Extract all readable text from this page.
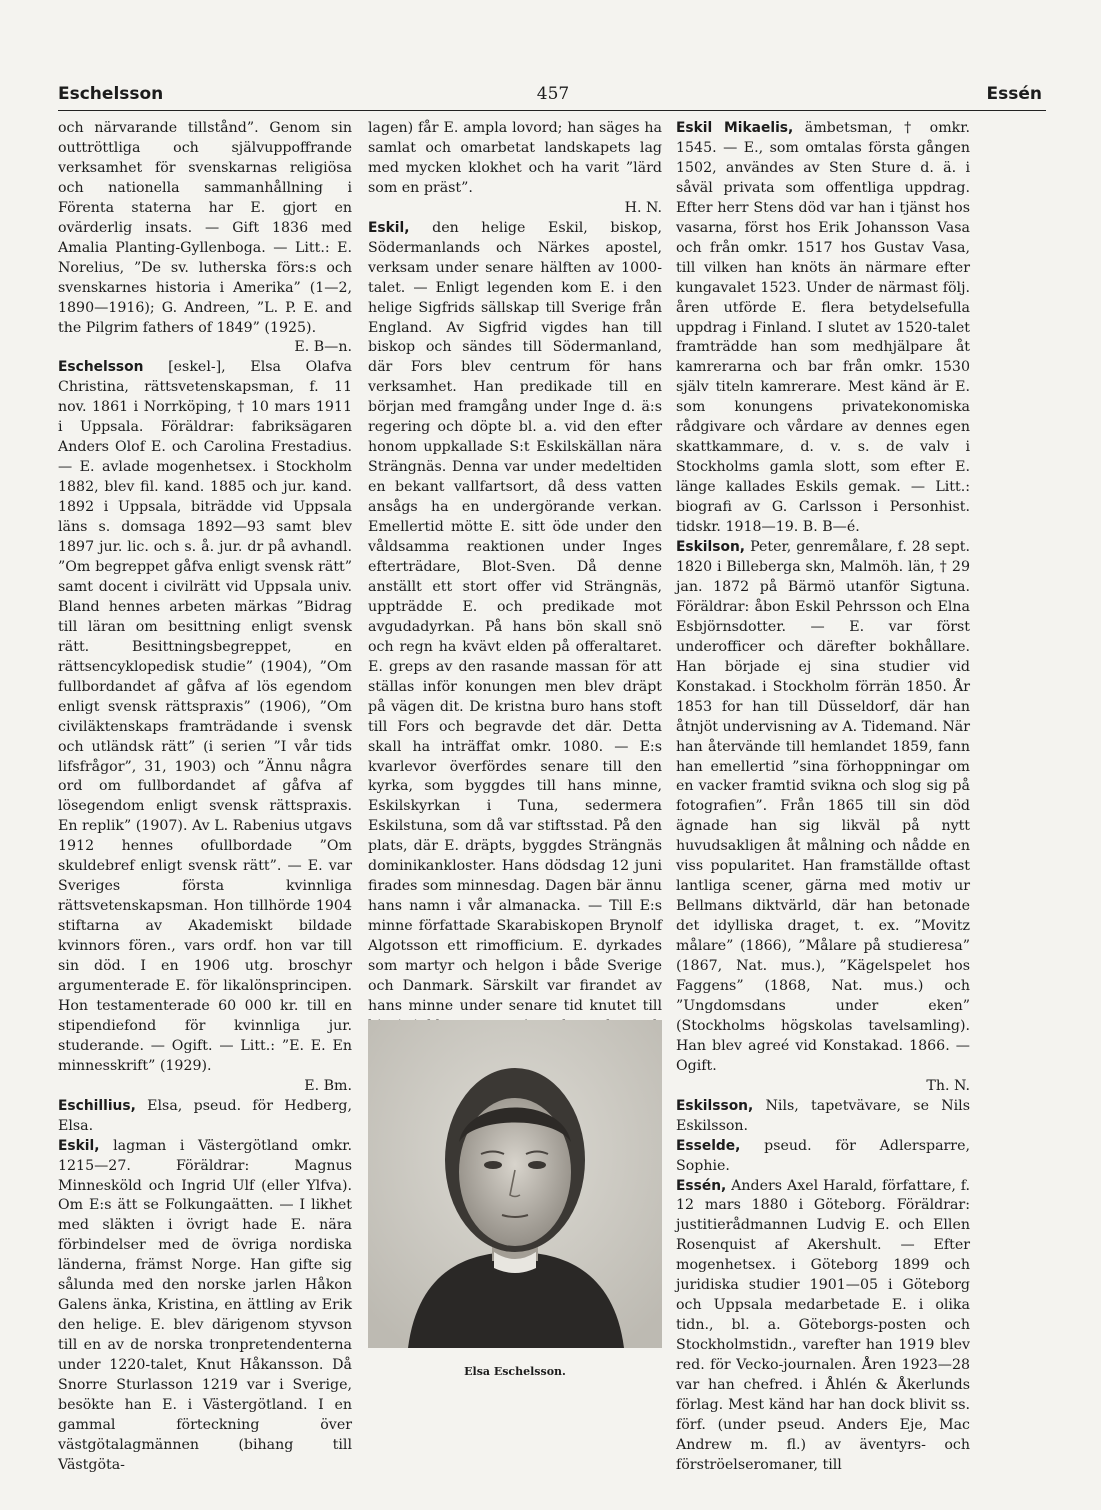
Eschelsson	457	Essén

och närvarande tillstånd”. Genom sin outtröttliga och självuppoffrande verksamhet för svenskarnas religiösa och nationella sammanhållning i Förenta staterna har E. gjort en ovärderlig insats. — Gift 1836 med Amalia Planting-Gyllenboga. — Litt.: E. Norelius, ”De sv. lutherska förs:s och svenskarnes historia i Amerika” (1—2, 1890—1916); G. Andreen, ”L. P. E. and the Pilgrim fathers of 1849” (1925).
E. B—n.

Eschelsson [eskel-], Elsa Olafva Christina, rättsvetenskapsman, f. 11 nov. 1861 i Norrköping, † 10 mars 1911 i Uppsala. Föräldrar: fabriksägaren Anders Olof E. och Carolina Frestadius. — E. avlade mogenhetsex. i Stockholm 1882, blev fil. kand. 1885 och jur. kand. 1892 i Uppsala, biträdde vid Uppsala läns s. domsaga 1892—93 samt blev 1897 jur. lic. och s. å. jur. dr på avhandl. ”Om begreppet gåfva enligt svensk rätt” samt docent i civilrätt vid Uppsala univ. Bland hennes arbeten märkas ”Bidrag till läran om besittning enligt svensk rätt. Besittningsbegreppet, en rättsencyklopedisk studie” (1904), ”Om fullbordandet af gåfva af lös egendom enligt svensk rättspraxis” (1906), ”Om civiläktenskaps framträdande i svensk och utländsk rätt” (i serien ”I vår tids lifsfrågor”, 31, 1903) och ”Ännu några ord om fullbordandet af gåfva af lösegendom enligt svensk rättspraxis. En replik” (1907). Av L. Rabenius utgavs 1912 hennes ofullbordade ”Om skuldebref enligt svensk rätt”. — E. var Sveriges första kvinnliga rättsvetenskapsman. Hon tillhörde 1904 stiftarna av Akademiskt bildade kvinnors fören., vars ordf. hon var till sin död. I en 1906 utg. broschyr argumenterade E. för likalönsprincipen. Hon testamenterade 60 000 kr. till en stipendiefond för kvinnliga jur. studerande. — Ogift. — Litt.: ”E. E. En minnesskrift” (1929).
E. Bm.

Eschillius, Elsa, pseud. för Hedberg, Elsa.

Eskil, lagman i Västergötland omkr. 1215—27. Föräldrar: Magnus Minnesköld och Ingrid Ulf (eller Ylfva). Om E:s ätt se Folkungaätten. — I likhet med släkten i övrigt hade E. nära förbindelser med de övriga nordiska länderna, främst Norge. Han gifte sig sålunda med den norske jarlen Håkon Galens änka, Kristina, en ättling av Erik den helige. E. blev därigenom styvson till en av de norska tronpretendenterna under 1220-talet, Knut Håkansson. Då Snorre Sturlasson 1219 var i Sverige, besökte han E. i Västergötland. I en gammal förteckning över västgötalagmännen (bihang till Västgöta-

lagen) får E. ampla lovord; han säges ha samlat och omarbetat landskapets lag med mycken klokhet och ha varit ”lärd som en präst”.
H. N.

Eskil, den helige Eskil, biskop, Södermanlands och Närkes apostel, verksam under senare hälften av 1000-talet. — Enligt legenden kom E. i den helige Sigfrids sällskap till Sverige från England. Av Sigfrid vigdes han till biskop och sändes till Södermanland, där Fors blev centrum för hans verksamhet. Han predikade till en början med framgång under Inge d. ä:s regering och döpte bl. a. vid den efter honom uppkallade S:t Eskilskällan nära Strängnäs. Denna var under medeltiden en bekant vallfartsort, då dess vatten ansågs ha en undergörande verkan. Emellertid mötte E. sitt öde under den våldsamma reaktionen under Inges efterträdare, Blot-Sven. Då denne anställt ett stort offer vid Strängnäs, uppträdde E. och predikade mot avgudadyrkan. På hans bön skall snö och regn ha kvävt elden på offeraltaret. E. greps av den rasande massan för att ställas inför konungen men blev dräpt på vägen dit. De kristna buro hans stoft till Fors och begravde det där. Detta skall ha inträffat omkr. 1080. — E:s kvarlevor överfördes senare till den kyrka, som byggdes till hans minne, Eskilskyrkan i Tuna, sedermera Eskilstuna, som då var stiftsstad. På den plats, där E. dräpts, byggdes Strängnäs dominikankloster. Hans dödsdag 12 juni firades som minnesdag. Dagen bär ännu hans namn i vår almanacka. — Till E:s minne författade Skarabiskopen Brynolf Algotsson ett rimofficium. E. dyrkades som martyr och helgon i både Sverige och Danmark. Särskilt var firandet av hans minne under senare tid knutet till

Elsa Eschelsson.

Eskil Mikaelis, ämbetsman, † omkr. 1545. — E., som omtalas första gången 1502, användes av Sten Sture d. ä. i såväl privata som offentliga uppdrag. Efter herr Stens död var han i tjänst hos vasarna, först hos Erik Johansson Vasa och från omkr. 1517 hos Gustav Vasa, till vilken han knöts än närmare efter kungavalet 1523. Under de närmast följ. åren utförde E. flera betydelsefulla uppdrag i Finland. I slutet av 1520-talet framträdde han som medhjälpare åt kamrerarna och bar från omkr. 1530 själv titeln kamrerare. Mest känd är E. som konungens privatekonomiska rådgivare och vårdare av dennes egen skattkammare, d. v. s. de valv i Stockholms gamla slott, som efter E. länge kallades Eskils gemak. — Litt.: biografi av G. Carlsson i Personhist. tidskr. 1918—19. B. B—é.

Eskilson, Peter, genremålare, f. 28 sept. 1820 i Billeberga skn, Malmöh. län, † 29 jan. 1872 på Bärmö utanför Sigtuna. Föräldrar: åbon Eskil Pehrsson och Elna Esbjörnsdotter. — E. var först underofficer och därefter bokhållare. Han började ej sina studier vid Konstakad. i Stockholm förrän 1850. År 1853 for han till Düsseldorf, där han åtnjöt undervisning av A. Tidemand. När han återvände till hemlandet 1859, fann han emellertid ”sina förhoppningar om en vacker framtid svikna och slog sig på fotografien”. Från 1865 till sin död ägnade han sig likväl på nytt huvudsakligen åt målning och nådde en viss popularitet. Han framställde oftast lantliga scener, gärna med motiv ur Bellmans diktvärld, där han betonade det idylliska draget, t. ex. ”Movitz målare” (1866), ”Målare på studieresa” (1867, Nat. mus.), ”Kägelspelet hos Faggens” (1868, Nat. mus.) och ”Ungdomsdans under eken” (Stockholms högskolas tavelsamling). Han blev agreé vid Konstakad. 1866. — Ogift.
Th. N.

Eskilsson, Nils, tapetvävare, se Nils Eskilsson.

Esselde, pseud. för Adlersparre, Sophie.

Essén, Anders Axel Harald, författare, f. 12 mars 1880 i Göteborg. Föräldrar: justitierådmannen Ludvig E. och Ellen Rosenquist af Akershult. — Efter mogenhetsex. i Göteborg 1899 och juridiska studier 1901—05 i Göteborg och Uppsala medarbetade E. i olika tidn., bl. a. Göteborgs-posten och Stockholmstidn., varefter han 1919 blev red. för Vecko-journalen. Åren 1923—28 var han chefred. i Åhlén & Åkerlunds förlag. Mest känd har han dock blivit ss. förf. (under pseud. Anders Eje, Mac Andrew m. fl.) av äventyrs- och förströelseromaner, till
